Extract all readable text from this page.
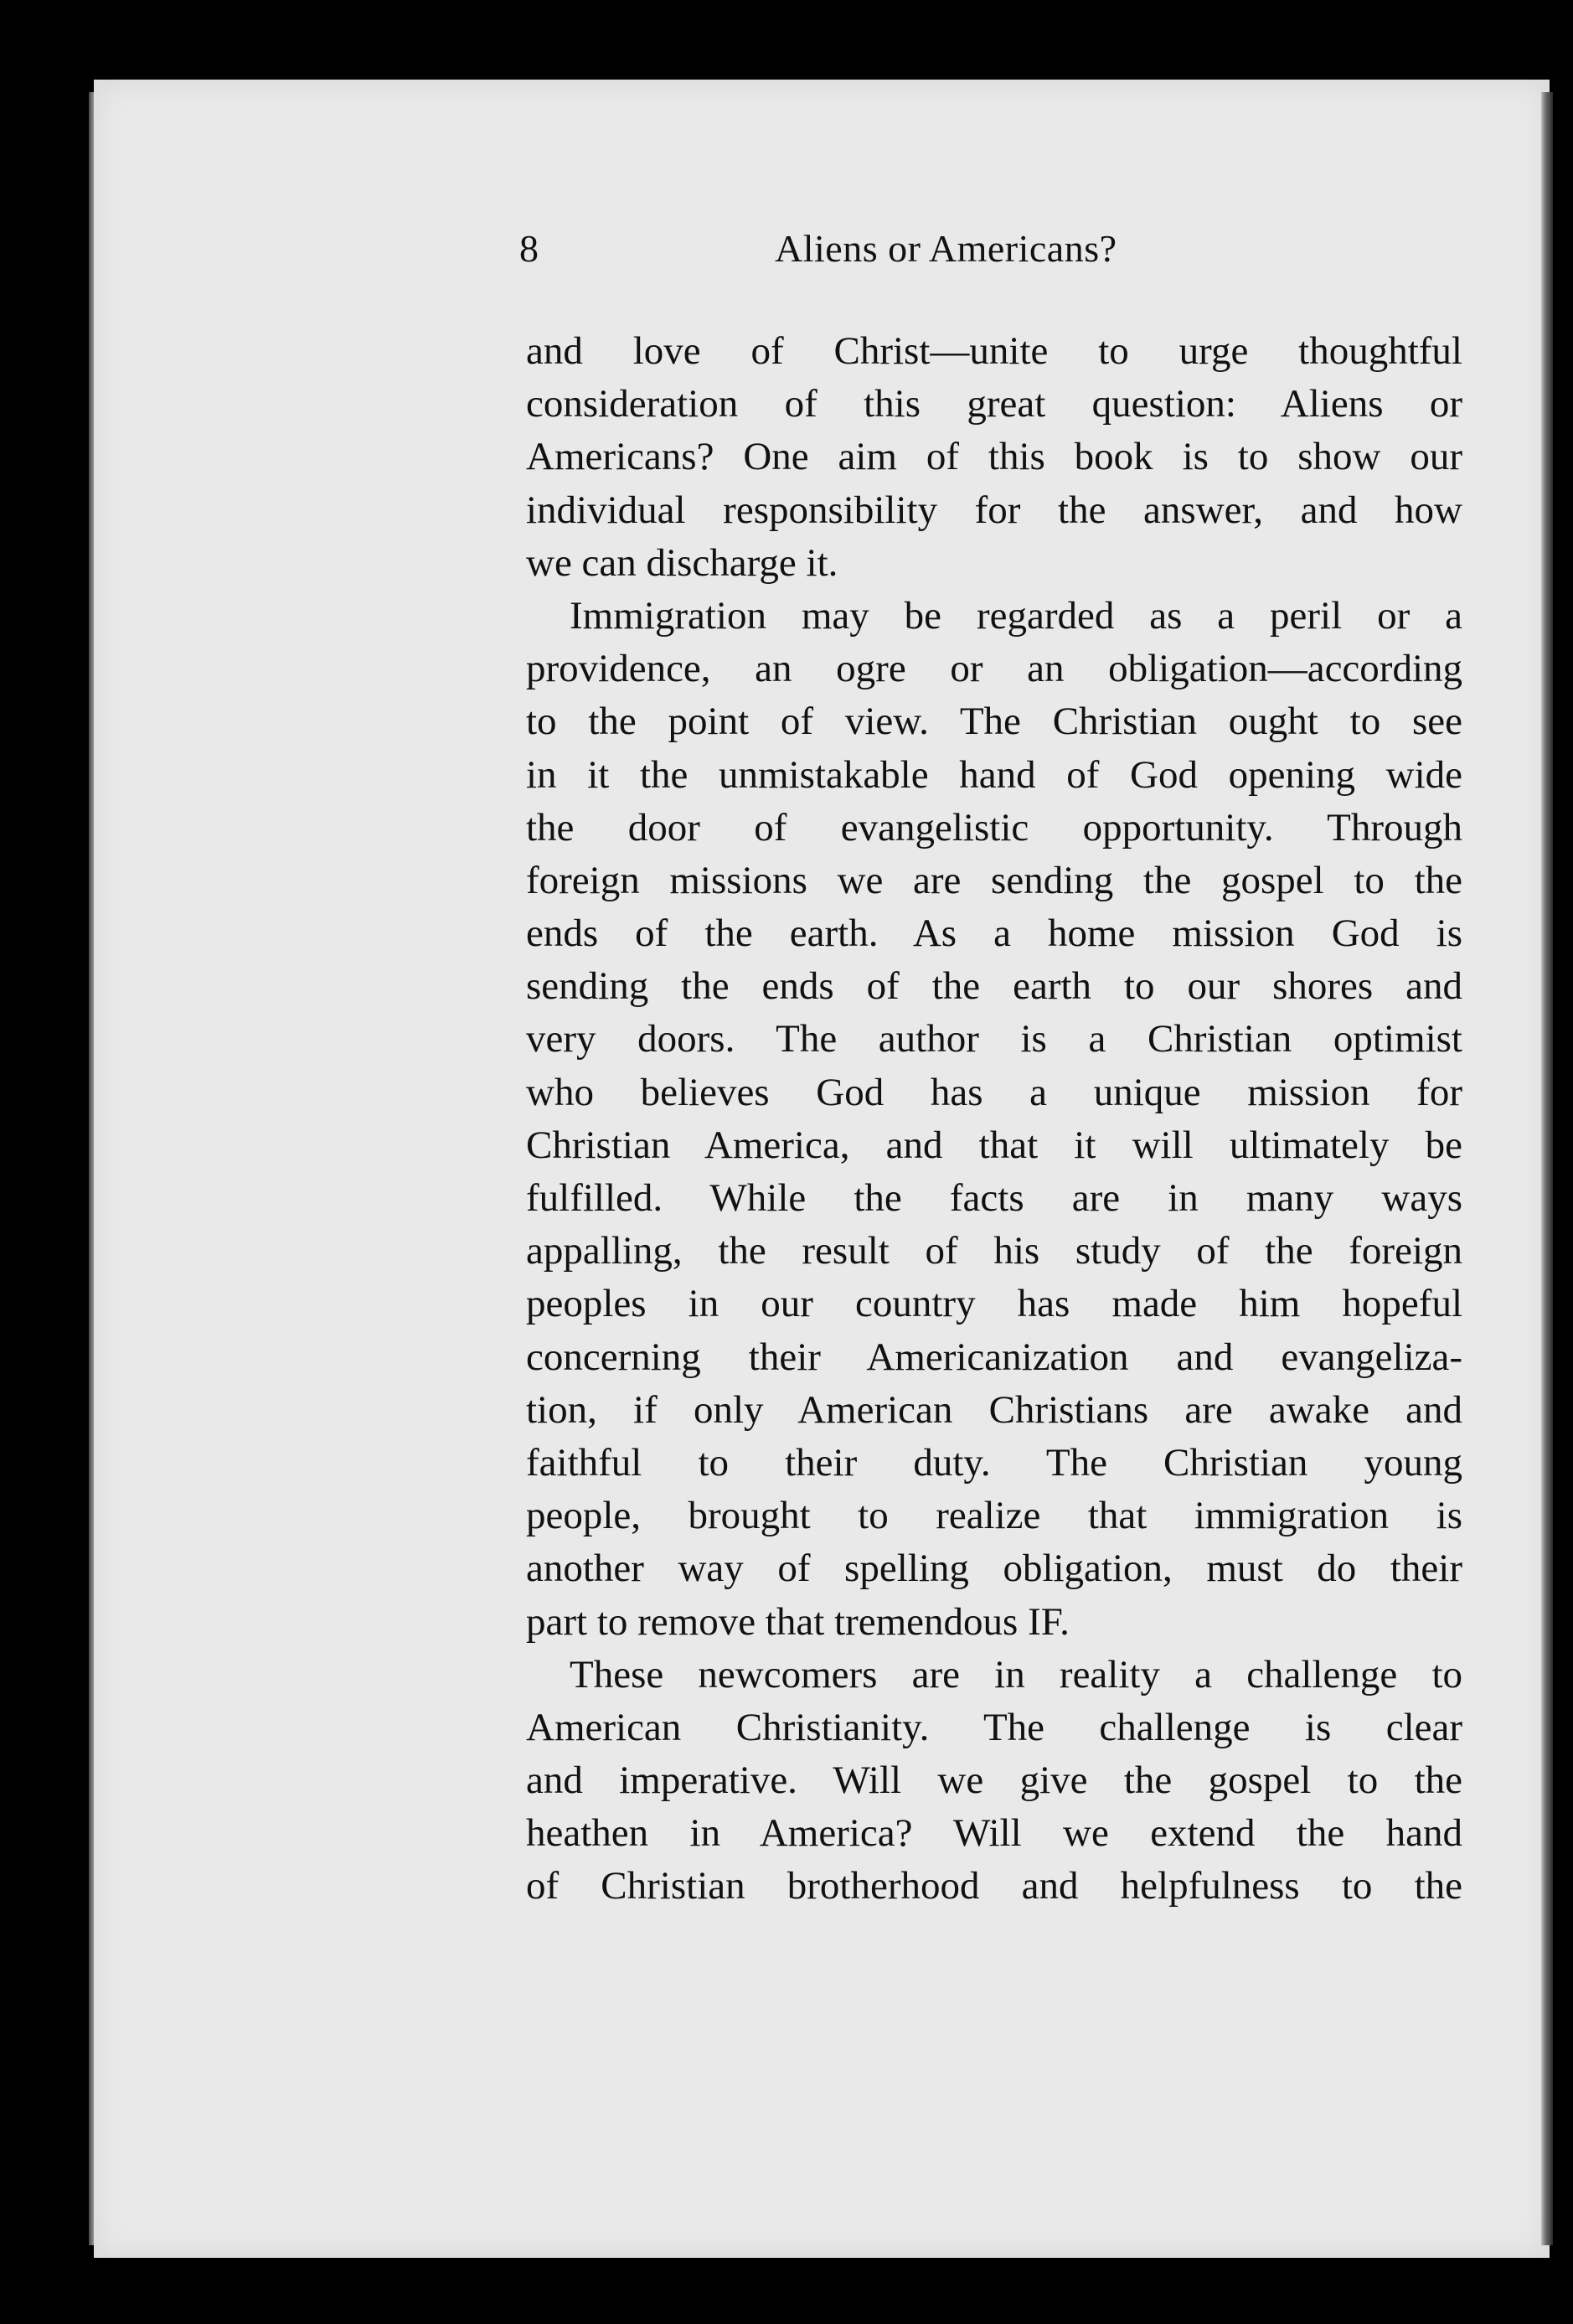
8	Aliens or Americans?
and love of Christ—unite to urge thoughtful
consideration of this great question: Aliens or
Americans? One aim of this book is to show our
individual responsibility for the answer, and how
we can discharge it.
Immigration may be regarded as a peril or a
providence, an ogre or an obligation—according
to the point of view. The Christian ought to see
in it the unmistakable hand of God opening wide
the door of evangelistic opportunity. Through
foreign missions we are sending the gospel to the
ends of the earth. As a home mission God is
sending the ends of the earth to our shores and
very doors. The author is a Christian optimist
who believes God has a unique mission for
Christian America, and that it will ultimately be
fulfilled. While the facts are in many ways
appalling, the result of his study of the foreign
peoples in our country has made him hopeful
concerning their Americanization and evangeliza-
tion, if only American Christians are awake and
faithful to their duty. The Christian young
people, brought to realize that immigration is
another way of spelling obligation, must do their
part to remove that tremendous IF.
These newcomers are in reality a challenge to
American Christianity. The challenge is clear
and imperative. Will we give the gospel to the
heathen in America? Will we extend the hand
of Christian brotherhood and helpfulness to the
